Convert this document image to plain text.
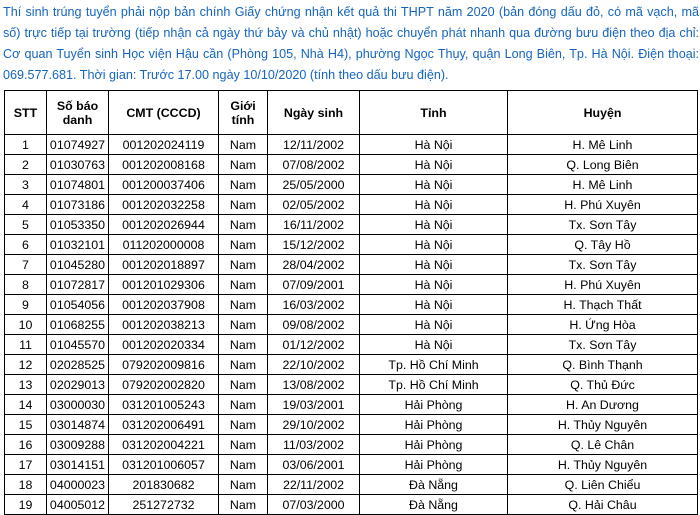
Thí sinh trúng tuyển phải nộp bản chính Giấy chứng nhận kết quả thi THPT năm 2020 (bản đóng dấu đỏ, có mã vạch, mã số) trực tiếp tại trường (tiếp nhận cả ngày thứ bảy và chủ nhật) hoặc chuyển phát nhanh qua đường bưu điện theo địa chỉ: Cơ quan Tuyển sinh Học viện Hậu cần (Phòng 105, Nhà H4), phường Ngọc Thụy, quận Long Biên, Tp. Hà Nội. Điện thoại: 069.577.681. Thời gian: Trước 17.00 ngày 10/10/2020 (tính theo dấu bưu điện).

STT	Số báo danh	CMT (CCCD)	Giới tính	Ngày sinh	Tỉnh	Huyện
1	01074927	001202024119	Nam	12/11/2002	Hà Nội	H. Mê Linh
2	01030763	001202008168	Nam	07/08/2002	Hà Nội	Q. Long Biên
3	01074801	001200037406	Nam	25/05/2000	Hà Nội	H. Mê Linh
4	01073186	001202032258	Nam	02/05/2002	Hà Nội	H. Phú Xuyên
5	01053350	001202026944	Nam	16/11/2002	Hà Nội	Tx. Sơn Tây
6	01032101	011202000008	Nam	15/12/2002	Hà Nội	Q. Tây Hồ
7	01045280	001202018897	Nam	28/04/2002	Hà Nội	Tx. Sơn Tây
8	01072817	001201029306	Nam	07/09/2001	Hà Nội	H. Phú Xuyên
9	01054056	001202037908	Nam	16/03/2002	Hà Nội	H. Thạch Thất
10	01068255	001202038213	Nam	09/08/2002	Hà Nội	H. Ứng Hòa
11	01045570	001202020334	Nam	01/12/2002	Hà Nội	Tx. Sơn Tây
12	02028525	079202009816	Nam	22/10/2002	Tp. Hồ Chí Minh	Q. Bình Thạnh
13	02029013	079202002820	Nam	13/08/2002	Tp. Hồ Chí Minh	Q. Thủ Đức
14	03000030	031201005243	Nam	19/03/2001	Hải Phòng	H. An Dương
15	03014874	031202006491	Nam	29/10/2002	Hải Phòng	H. Thủy Nguyên
16	03009288	031202004221	Nam	11/03/2002	Hải Phòng	Q. Lê Chân
17	03014151	031201006057	Nam	03/06/2001	Hải Phòng	H. Thủy Nguyên
18	04000023	201830682	Nam	22/11/2002	Đà Nẵng	Q. Liên Chiểu
19	04005012	251272732	Nam	07/03/2000	Đà Nẵng	Q. Hải Châu
